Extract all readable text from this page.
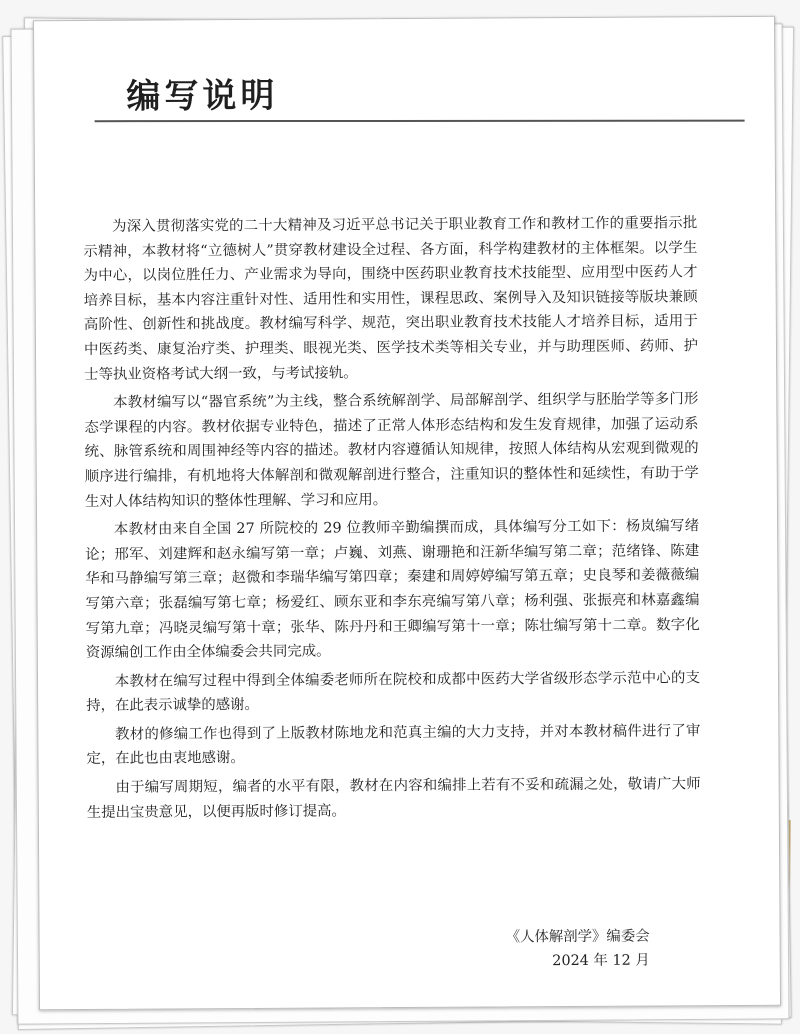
编写说明

为深入贯彻落实党的二十大精神及习近平总书记关于职业教育工作和教材工作的重要指示批示精神，本教材将“立德树人”贯穿教材建设全过程、各方面，科学构建教材的主体框架。以学生为中心，以岗位胜任力、产业需求为导向，围绕中医药职业教育技术技能型、应用型中医药人才培养目标，基本内容注重针对性、适用性和实用性，课程思政、案例导入及知识链接等版块兼顾高阶性、创新性和挑战度。教材编写科学、规范，突出职业教育技术技能人才培养目标，适用于中医药类、康复治疗类、护理类、眼视光类、医学技术类等相关专业，并与助理医师、药师、护士等执业资格考试大纲一致，与考试接轨。

本教材编写以“器官系统”为主线，整合系统解剖学、局部解剖学、组织学与胚胎学等多门形态学课程的内容。教材依据专业特色，描述了正常人体形态结构和发生发育规律，加强了运动系统、脉管系统和周围神经等内容的描述。教材内容遵循认知规律，按照人体结构从宏观到微观的顺序进行编排，有机地将大体解剖和微观解剖进行整合，注重知识的整体性和延续性，有助于学生对人体结构知识的整体性理解、学习和应用。

本教材由来自全国 27 所院校的 29 位教师辛勤编撰而成，具体编写分工如下：杨岚编写绪论；邢军、刘建辉和赵永编写第一章；卢巍、刘燕、谢珊艳和汪新华编写第二章；范绪锋、陈建华和马静编写第三章；赵微和李瑞华编写第四章；秦建和周婷婷编写第五章；史良琴和姜薇薇编写第六章；张磊编写第七章；杨爱红、顾东亚和李东亮编写第八章；杨利强、张振亮和林嘉鑫编写第九章；冯晓灵编写第十章；张华、陈丹丹和王卿编写第十一章；陈壮编写第十二章。数字化资源编创工作由全体编委会共同完成。

本教材在编写过程中得到全体编委老师所在院校和成都中医药大学省级形态学示范中心的支持，在此表示诚挚的感谢。

教材的修编工作也得到了上版教材陈地龙和范真主编的大力支持，并对本教材稿件进行了审定，在此也由衷地感谢。

由于编写周期短，编者的水平有限，教材在内容和编排上若有不妥和疏漏之处，敬请广大师生提出宝贵意见，以便再版时修订提高。

《人体解剖学》编委会
2024 年 12 月
